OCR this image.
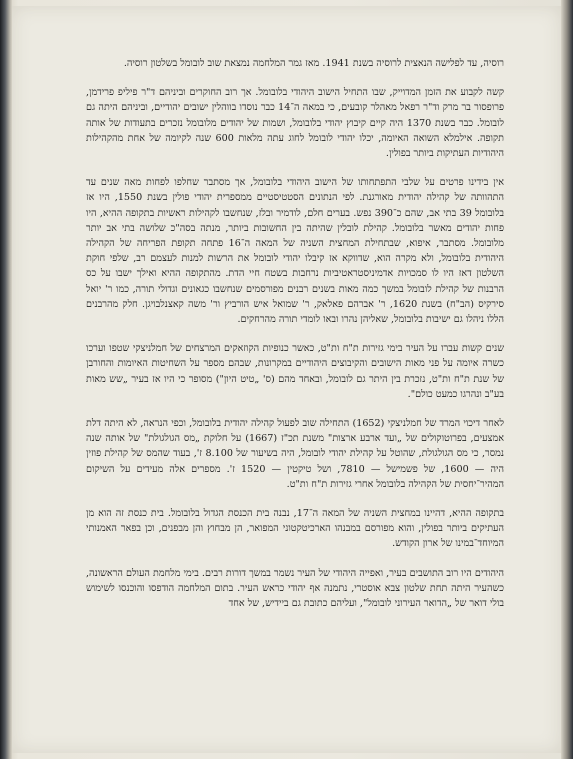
רוסיה, עד לפלישה הנאצית לרוסיה בשנת 1941. מאז גמר המלחמה נמצאת שוב לובומל בשלטון רוסיה.

קשה לקבוע את הזמן המדוייק, שבו התחיל הישוב היהודי בלובומל. אך רוב החוקרים וביניהם ד"ר פיליפ פרידמן, פרופסור בר מרק וד"ר רפאל מאהלר קובעים, כי במאה ה־14 כבר נוסדו בווהלין ישובים יהודיים, וביניהם היתה גם לובומל. כבר בשנת 1370 היה קיים קיבוץ יהודי בלובומל, ושמות של יהודים מלובומל נזכרים בתעודות של אותה תקופה. אילמלא השואה האיומה, יכלו יהודי לובומל לחוג עתה מלאות 600 שנה לקיומה של אחת מהקהילות היהודיות העתיקות ביותר בפולין.

אין בידינו פרטים על שלבי התפתחותו של הישוב היהודי בלובומל, אך מסתבר שחלפו לפחות מאה שנים עד התהוותה של קהילה יהודית מאורגנת. לפי הנתונים הסטטיסטיים ממספרית יהודי פולין בשנת 1550, היו אז בלובומל 39 בתי אב, שהם כ־390 נפש. בערים חלם, לודמיר ובלז, שנחשבו לקהילות ראשיות בתקופה ההיא, היו פחות יהודים מאשר בלובומל. קהילת לובלין שהיתה בין החשובות ביותר, מנתה בסה"כ שלושה בתי אב יותר מלובומל. מסתבר, איפוא, שבתחילת המחצית השניה של המאה ה־16 פתחה תקופת הפריחה של הקהילה היהודית בלובומל, ולא מקרה הוא, שדווקא אז קיבלו יהודי לובומל את הרשות למנות לעצמם רב, שלפי חוקת השלטון דאז היו לו סמכויות אדמיניסטראטיביות נרחבות בשטח חיי הדת. מהתקופה ההיא ואילך ישבו על כס הרבנות של קהילת לובומל במשך כמה מאות בשנים רבנים מפורסמים שנחשבו כגאונים וגדולי תורה, כמו ר' יואל סירקיס (הב"ח) בשנת 1620, ר' אברהם פאלאק, ר' שמואל איש הורביץ ור' משה קאצנלבויגן. חלק מהרבנים הללו ניהלו גם ישיבות בלובומל, שאליהן נהרו ובאו לומדי תורה מהרחקים.

שנים קשות עברו על העיר בימי גזירות ת"ח ות"ט, כאשר כנופיות הקוזאקים המרצחים של חמלניצקי שטפו וערכו כשרה איומה על פני מאות הישובים והקיבוצים היהודיים במקרונות, שבהם מספר על השחיטות האיומות והחורבן של שנת ת"ח ות"ט, נזכרת בין היתר גם לובומל, ובאחד מהם (ס' „טיט היון") מסופר כי היו אז בעיר „שש מאות בע"ב ונהרגו כמעט כולם".

לאחר דיכוי המרד של חמלניצקי (1652) התחילה שוב לפעול קהילה יהודית בלובומל, וכפי הנראה, לא היתה דלת אמצעים, בפרוטוקולים של „ועד ארבע ארצות" משנת תכ"ז (1667) על חלוקת „מס הגולגולת" של אותה שנה נמסר, כי מס הגולגולת, שהוטל על קהילת יהודי לובומל, היה בשיעור של 8.100 ז', בעוד שהמס של קהילת פוזין היה — 1600, של פשמישל — 7810, ושל טיקטין — 1520 ז'. מספרים אלה מעידים על השיקום המהיר־יחסית של הקהילה בלובומל אחרי גזירות ת"ח ות"ט.

בתקופה ההיא, דהיינו במחצית השניה של המאה ה־17, נבנה בית הכנסת הגדול בלובומל. בית כנסת זה הוא מן העתיקים ביותר בפולין, והוא מפורסם במבנהו הארכיטקטוני המפואר, הן מבחוץ והן מבפנים, וכן בפאר האמנותי המיוחד־במינו של ארון הקודש.

היהודים היו רוב התושבים בעיר, ואפייה היהודי של העיר נשמר במשך דורות רבים. בימי מלחמת העולם הראשונה, כשהעיר היתה תחת שלטון צבא אוסטרי, נתמנה אף יהודי כראש העיר. בתום המלחמה הודפסו והוכנסו לשימוש בולי דואר של „הדואר העירוני לובומל", ועליהם כתובת גם ביידיש, של אחד
